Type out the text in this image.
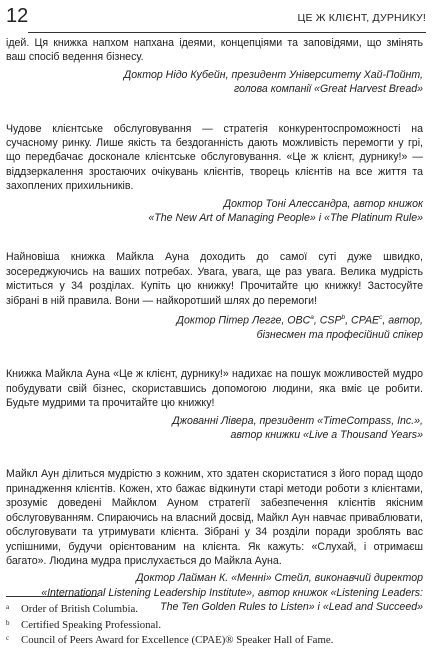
12	ЦЕ Ж КЛІЄНТ, ДУРНИКУ!

ідей. Ця книжка напхом напхана ідеями, концепціями та заповідями, що змінять ваш спосіб ведення бізнесу.

Доктор Нідо Кубейн, президент Університету Хай-Пойнт,
голова компанії «Great Harvest Bread»

Чудове клієнтське обслуговування — стратегія конкурентоспроможності на сучасному ринку. Лише якість та бездоганність дають можливість перемогти у грі, що передбачає досконале клієнтське обслуговування. «Це ж клієнт, дурнику!» — віддзеркалення зростаючих очікувань клієнтів, творець клієнтів на все життя та захоплених прихильників.

Доктор Тоні Алессандра, автор книжок
«The New Art of Managing People» і «The Platinum Rule»

Найновіша книжка Майкла Ауна доходить до самої суті дуже швидко, зосереджуючись на ваших потребах. Увага, увага, ще раз увага. Велика мудрість міститься у 34 розділах. Купіть цю книжку! Прочитайте цю книжку! Застосуйте зібрані в ній правила. Вони — найкоротший шлях до перемоги!

Доктор Пітер Легге, OBC$^a$, CSP$^b$, CPAE$^c$, автор,
бізнесмен та професійний спікер

Книжка Майкла Ауна «Це ж клієнт, дурнику!» надихає на пошук можливостей мудро побудувати свій бізнес, скориставшись допомогою людини, яка вміє це робити. Будьте мудрими та прочитайте цю книжку!

Джованні Лівера, президент «TimeCompass, Inc.»,
автор книжки «Live a Thousand Years»

Майкл Аун ділиться мудрістю з кожним, хто здатен скористатися з його порад щодо принадження клієнтів. Кожен, хто бажає відкинути старі методи роботи з клієнтами, зрозуміє доведені Майклом Ауном стратегії забезпечення клієнтів якісним обслуговуванням. Спираючись на власний досвід, Майкл Аун навчає приваблювати, обслуговувати та утримувати клієнта. Зібрані у 34 розділи поради зроблять вас успішними, будучи орієнтованим на клієнта. Як кажуть: «Слухай, і отримаєш багато». Людина мудра прислухається до Майкла Ауна.

Доктор Лайман К. «Менні» Стейл, виконавчий директор
«International Listening Leadership Institute», автор книжок «Listening Leaders:
The Ten Golden Rules to Listen» і «Lead and Succeed»

$^a$ Order of British Columbia.

$^b$ Certified Speaking Professional.

$^c$ Council of Peers Award for Excellence (CPAE)® Speaker Hall of Fame.
